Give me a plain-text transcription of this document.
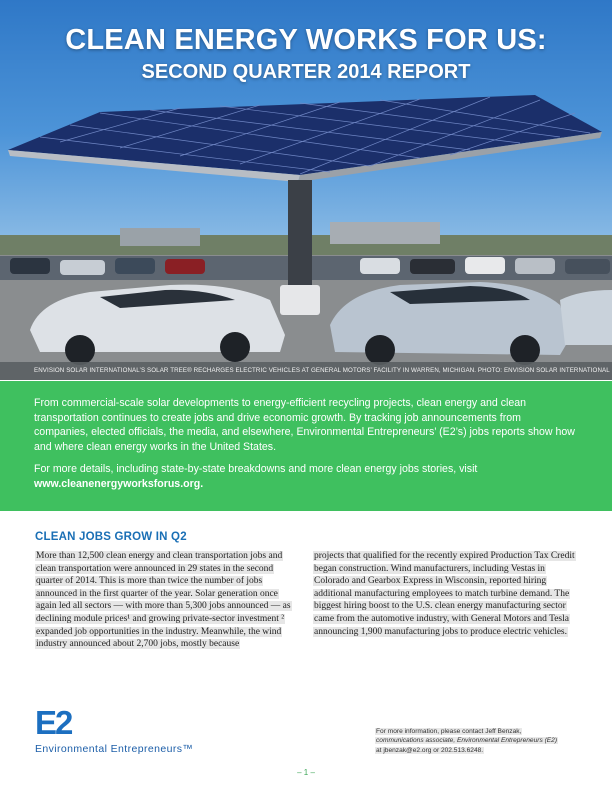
CLEAN ENERGY WORKS FOR US:
SECOND QUARTER 2014 REPORT
ENVISION SOLAR INTERNATIONAL’S SOLAR TREE® RECHARGES ELECTRIC VEHICLES AT GENERAL MOTORS’ FACILITY IN WARREN, MICHIGAN. PHOTO: ENVISION SOLAR INTERNATIONAL

From commercial-scale solar developments to energy-efficient recycling projects, clean energy and clean transportation continues to create jobs and drive economic growth. By tracking job announcements from companies, elected officials, the media, and elsewhere, Environmental Entrepreneurs’ (E2’s) jobs reports show how and where clean energy works in the United States.

For more details, including state-by-state breakdowns and more clean energy jobs stories, visit www.cleanenergyworksforus.org.

CLEAN JOBS GROW IN Q2
More than 12,500 clean energy and clean transportation jobs and clean transportation were announced in 29 states in the second quarter of 2014. This is more than twice the number of jobs announced in the first quarter of the year. Solar generation once again led all sectors — with more than 5,300 jobs announced — as declining module prices¹ and growing private-sector investment ² expanded job opportunities in the industry. Meanwhile, the wind industry announced about 2,700 jobs, mostly because
projects that qualified for the recently expired Production Tax Credit began construction. Wind manufacturers, including Vestas in Colorado and Gearbox Express in Wisconsin, reported hiring additional manufacturing employees to match turbine demand. The biggest hiring boost to the U.S. clean energy manufacturing sector came from the automotive industry, with General Motors and Tesla announcing 1,900 manufacturing jobs to produce electric vehicles.
E2
Environmental Entrepreneurs™
For more information, please contact Jeff Benzak,
communications associate, Environmental Entrepreneurs (E2)
at jbenzak@e2.org or 202.513.6248.
– 1 –
